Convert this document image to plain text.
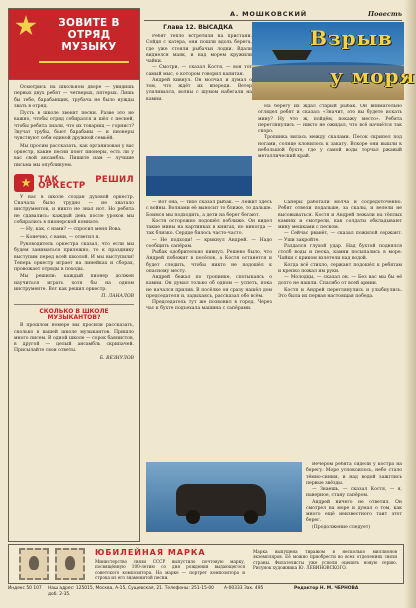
ЗОВИТЕ В ОТРЯД МУЗЫКУ

Осмотрись на школьном дворе — увидишь первых двух ребят — четверых, пятерых. Лишь бы тебе, барабанщик, трубача не было нужды звать в отряд.

Пусть в школе звенят песни. Разве это не важно, чтобы отряд собирался и шёл с песней, чтобы ребята знали, что их товарищ — горнист? Звучат трубы, бьют барабаны — и пионеры чувствуют себя единой дружной семьёй.

Мы просим рассказать, как организован у вас оркестр, какие песни поют пионеры, есть ли у вас свой ансамбль. Пишите нам — лучшие письма мы опубликуем.

ТАК РЕШИЛ ОРКЕСТР

У нас в школе создан духовой оркестр. Сначала было трудно — не хватало инструментов, и никто не знал нот. Но ребята не сдавались: каждый день после уроков мы собирались в пионерской комнате.

— Ну, как, с нами? — спросил меня Вова.

— Конечно, с вами, — ответил я.

Руководитель оркестра сказал, что если мы будем заниматься прилежно, то к празднику выступим перед всей школой. И мы выступили! Теперь оркестр играет на линейках и сборах, провожает отряды в походы.

Мы решили: каждый пионер должен научиться играть хотя бы на одном инструменте. Вот как решил оркестр.

П. ЛАНАЛОВ
СКОЛЬКО В ШКОЛЕ МУЗЫКАНТОВ?

В прошлом номере мы просили рассказать, сколько в вашей школе музыкантов. Пришло много писем. В одной школе — сорок баянистов, в другой — целый ансамбль скрипачей. Присылайте свои ответы.

Б. ВЕЗНУЛОВ
А. МОШКОВСКИЙ	Повесть
Взрыв
у моря
Глава 12. ВЫСАДКА

Ребят тепло встретили на пристани. Сойдя с катера, они пошли вдоль берега, где уже стояли рыбачьи лодки. Вдали виднелся маяк, и над морем кружили чайки.

— Смотри, — сказал Костя, — вон тот самый мыс, о котором говорил капитан.

Андрей кивнул. Он молчал и думал о том, что ждёт их впереди. Ветер усиливался, волны с шумом набегали на камни.

На берегу их ждал старый рыбак. Он внимательно оглядел ребят и сказал: «Значит, это вы будете искать мину? Ну что ж, пойдём, покажу место». Ребята переглянулись — никто не ожидал, что всё начнётся так скоро.

Тропинка вилась между скалами. Песок скрипел под ногами, солнце клонилось к закату. Вскоре они вышли к небольшой бухте, где у самой воды торчал ржавый металлический край.

— Вот она, — тихо сказал рыбак. — Лежит здесь с войны. Волнами её выносит то ближе, то дальше. Боимся мы подходить, а дети на берег бегают.

Костя осторожно подошёл поближе. Он видел такие мины на картинках в книгах, но никогда — так близко. Сердце билось часто-часто.

— Не подходи! — крикнул Андрей. — Надо сообщить сапёрам.

Рыбак одобрительно кивнул. Решено было, что Андрей побежит в посёлок, а Костя останется и будет следить, чтобы никто не подошёл к опасному месту.

Андрей бежал по тропинке, спотыкаясь о камни. Он думал только об одном — успеть, пока не начался прилив. В посёлке он сразу нашёл дом председателя и, задыхаясь, рассказал обо всём.

Председатель тут же позвонил в город. Через час к бухте подъехала машина с сапёрами.

Сапёры работали молча и сосредоточенно. Ребят отвели подальше, за скалы, и велели не высовываться. Костя и Андрей лежали на тёплых камнях и смотрели, как солдаты обкладывают мину мешками с песком.

— Сейчас рванёт, — сказал пожилой сержант. — Уши закройте.

Раздался глухой удар. Над бухтой поднялся столб воды и песка, камни посыпались в море. Чайки с криком взлетели над водой.

Когда всё стихло, сержант подошёл к ребятам и крепко пожал им руки.

— Молодцы, — сказал он. — Без вас мы бы её долго не нашли. Спасибо от всей армии.

Костя и Андрей переглянулись и улыбнулись. Это была их первая настоящая победа.

Вечером ребята сидели у костра на берегу. Море успокоилось, небо стало тёмно-синим, и над водой зажглись первые звёзды.

— Знаешь, — сказал Костя, — я, наверное, стану сапёром.

Андрей ничего не ответил. Он смотрел на море и думал о том, как много ещё неизвестного таит этот берег.

(Продолжение следует)

ЮБИЛЕЙНАЯ МАРКА
Министерство связи СССР выпустило почтовую марку, посвящённую 100-летию со дня рождения выдающегося советского композитора. На марке — портрет композитора и строка из его знаменитой песни.
Марка выпущена тиражом в несколько миллионов экземпляров. Её можно приобрести во всех отделениях связи страны. Филателисты уже успели оценить новую серию. Рисунок художника Ю. ЛЕВИНОВСКОГО.
Индекс 50 107 Наш адрес: 125015, Москва, А-15, Сущевская, 21. Телефоны: 251-15-00 доб. 2-35.
А-00333 Зак. 495	Редактор Н. М. ЧЕРНОВА
